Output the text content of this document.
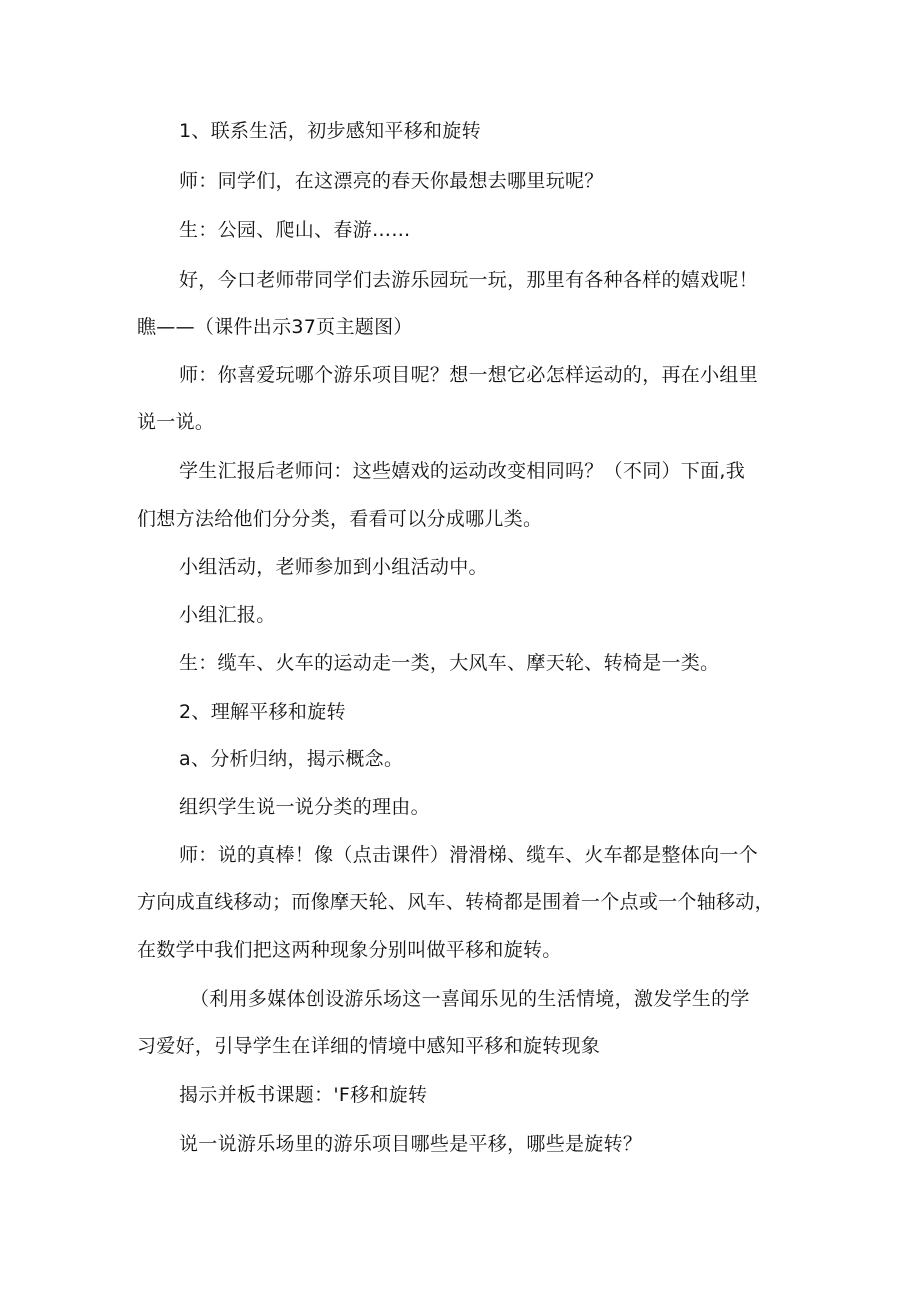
1、联系生活，初步感知平移和旋转
师：同学们，在这漂亮的春天你最想去哪里玩呢？
生：公园、爬山、春游……
好，今口老师带同学们去游乐园玩一玩，那里有各种各样的嬉戏呢！
瞧——（课件出示37页主题图）
师：你喜爱玩哪个游乐项目呢？想一想它必怎样运动的，再在小组里
说一说。
学生汇报后老师问：这些嬉戏的运动改变相同吗？（不同）下面,我
们想方法给他们分分类，看看可以分成哪儿类。
小组活动，老师参加到小组活动中。
小组汇报。
生：缆车、火车的运动走一类，大风车、摩天轮、转椅是一类。
2、理解平移和旋转
a、分析归纳，揭示概念。
组织学生说一说分类的理由。
师：说的真棒！像（点击课件）滑滑梯、缆车、火车都是整体向一个
方向成直线移动；而像摩天轮、风车、转椅都是围着一个点或一个轴移动，
在数学中我们把这两种现象分别叫做平移和旋转。
（利用多媒体创设游乐场这一喜闻乐见的生活情境，激发学生的学
习爱好，引导学生在详细的情境中感知平移和旋转现象
揭示并板书课题：'F移和旋转
说一说游乐场里的游乐项目哪些是平移，哪些是旋转？
